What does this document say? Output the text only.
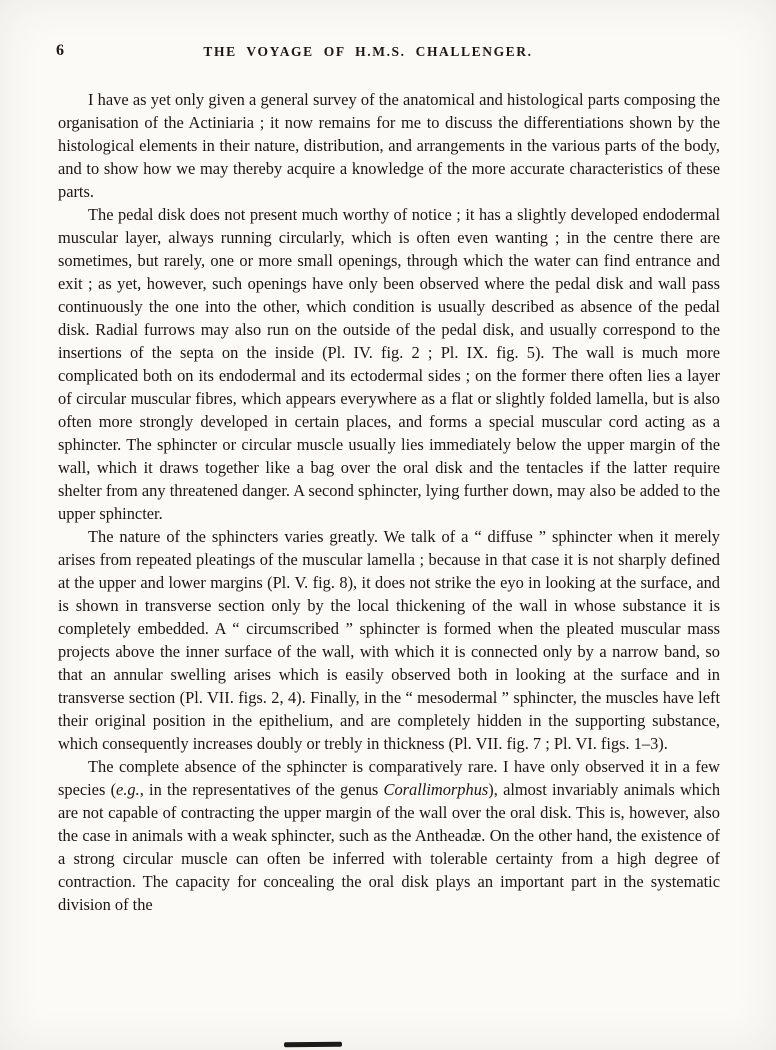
6	THE VOYAGE OF H.M.S. CHALLENGER.

I have as yet only given a general survey of the anatomical and histological parts composing the organisation of the Actiniaria ; it now remains for me to discuss the differentiations shown by the histological elements in their nature, distribution, and arrangements in the various parts of the body, and to show how we may thereby acquire a knowledge of the more accurate characteristics of these parts.

The pedal disk does not present much worthy of notice ; it has a slightly developed endodermal muscular layer, always running circularly, which is often even wanting ; in the centre there are sometimes, but rarely, one or more small openings, through which the water can find entrance and exit ; as yet, however, such openings have only been observed where the pedal disk and wall pass continuously the one into the other, which condition is usually described as absence of the pedal disk. Radial furrows may also run on the outside of the pedal disk, and usually correspond to the insertions of the septa on the inside (Pl. IV. fig. 2 ; Pl. IX. fig. 5). The wall is much more complicated both on its endodermal and its ectodermal sides ; on the former there often lies a layer of circular muscular fibres, which appears everywhere as a flat or slightly folded lamella, but is also often more strongly developed in certain places, and forms a special muscular cord acting as a sphincter. The sphincter or circular muscle usually lies immediately below the upper margin of the wall, which it draws together like a bag over the oral disk and the tentacles if the latter require shelter from any threatened danger. A second sphincter, lying further down, may also be added to the upper sphincter.

The nature of the sphincters varies greatly. We talk of a “ diffuse ” sphincter when it merely arises from repeated pleatings of the muscular lamella ; because in that case it is not sharply defined at the upper and lower margins (Pl. V. fig. 8), it does not strike the eyo in looking at the surface, and is shown in transverse section only by the local thickening of the wall in whose substance it is completely embedded. A “ circumscribed ” sphincter is formed when the pleated muscular mass projects above the inner surface of the wall, with which it is connected only by a narrow band, so that an annular swelling arises which is easily observed both in looking at the surface and in transverse section (Pl. VII. figs. 2, 4). Finally, in the “ mesodermal ” sphincter, the muscles have left their original position in the epithelium, and are completely hidden in the supporting substance, which consequently increases doubly or trebly in thickness (Pl. VII. fig. 7 ; Pl. VI. figs. 1–3).

The complete absence of the sphincter is comparatively rare. I have only observed it in a few species (e.g., in the representatives of the genus Corallimorphus), almost invariably animals which are not capable of contracting the upper margin of the wall over the oral disk. This is, however, also the case in animals with a weak sphincter, such as the Antheadæ. On the other hand, the existence of a strong circular muscle can often be inferred with tolerable certainty from a high degree of contraction. The capacity for concealing the oral disk plays an important part in the systematic division of the
